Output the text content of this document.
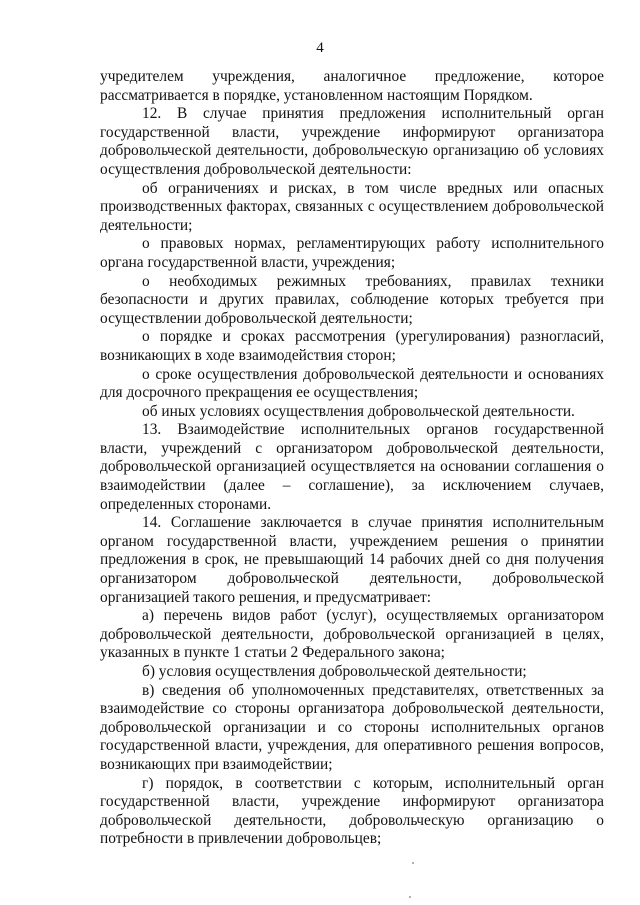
4

учредителем учреждения, аналогичное предложение, которое рассматривается в порядке, установленном настоящим Порядком.

12. В случае принятия предложения исполнительный орган государственной власти, учреждение информируют организатора добровольческой деятельности, добровольческую организацию об условиях осуществления добровольческой деятельности:

об ограничениях и рисках, в том числе вредных или опасных производственных факторах, связанных с осуществлением добровольческой деятельности;

о правовых нормах, регламентирующих работу исполнительного органа государственной власти, учреждения;

о необходимых режимных требованиях, правилах техники безопасности и других правилах, соблюдение которых требуется при осуществлении добровольческой деятельности;

о порядке и сроках рассмотрения (урегулирования) разногласий, возникающих в ходе взаимодействия сторон;

о сроке осуществления добровольческой деятельности и основаниях для досрочного прекращения ее осуществления;

об иных условиях осуществления добровольческой деятельности.

13. Взаимодействие исполнительных органов государственной власти, учреждений с организатором добровольческой деятельности, добровольческой организацией осуществляется на основании соглашения о взаимодействии (далее – соглашение), за исключением случаев, определенных сторонами.

14. Соглашение заключается в случае принятия исполнительным органом государственной власти, учреждением решения о принятии предложения в срок, не превышающий 14 рабочих дней со дня получения организатором добровольческой деятельности, добровольческой организацией такого решения, и предусматривает:

а) перечень видов работ (услуг), осуществляемых организатором добровольческой деятельности, добровольческой организацией в целях, указанных в пункте 1 статьи 2 Федерального закона;

б) условия осуществления добровольческой деятельности;

в) сведения об уполномоченных представителях, ответственных за взаимодействие со стороны организатора добровольческой деятельности, добровольческой организации и со стороны исполнительных органов государственной власти, учреждения, для оперативного решения вопросов, возникающих при взаимодействии;

г) порядок, в соответствии с которым, исполнительный орган государственной власти, учреждение информируют организатора добровольческой деятельности, добровольческую организацию о потребности в привлечении добровольцев;
